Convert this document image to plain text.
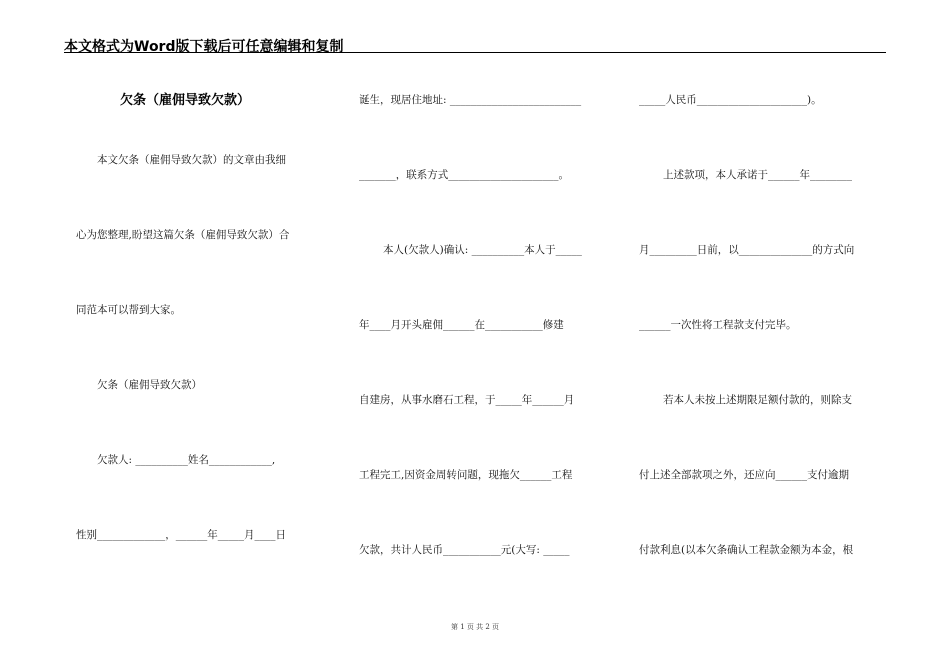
本文格式为Word版下载后可任意编辑和复制
欠条（雇佣导致欠款）
本文欠条（雇佣导致欠款）的文章由我细
心为您整理,盼望这篇欠条（雇佣导致欠款）合
同范本可以帮到大家。
欠条（雇佣导致欠款）
欠款人: __________姓名____________,
性别_____________，______年_____月____日
诞生，现居住地址: _________________________
_______，联系方式_____________________。
本人(欠款人)确认: __________本人于_____
年____月开头雇佣______在___________修建
自建房，从事水磨石工程，于_____年______月
工程完工,因资金周转问题，现拖欠______工程
欠款，共计人民币___________元(大写: _____
_____人民币_____________________)。
上述款项，本人承诺于______年________
月_________日前，以______________的方式向
______一次性将工程款支付完毕。
若本人未按上述期限足额付款的，则除支
付上述全部款项之外，还应向______支付逾期
付款利息(以本欠条确认工程款金额为本金，根
第 1 页 共 2 页
